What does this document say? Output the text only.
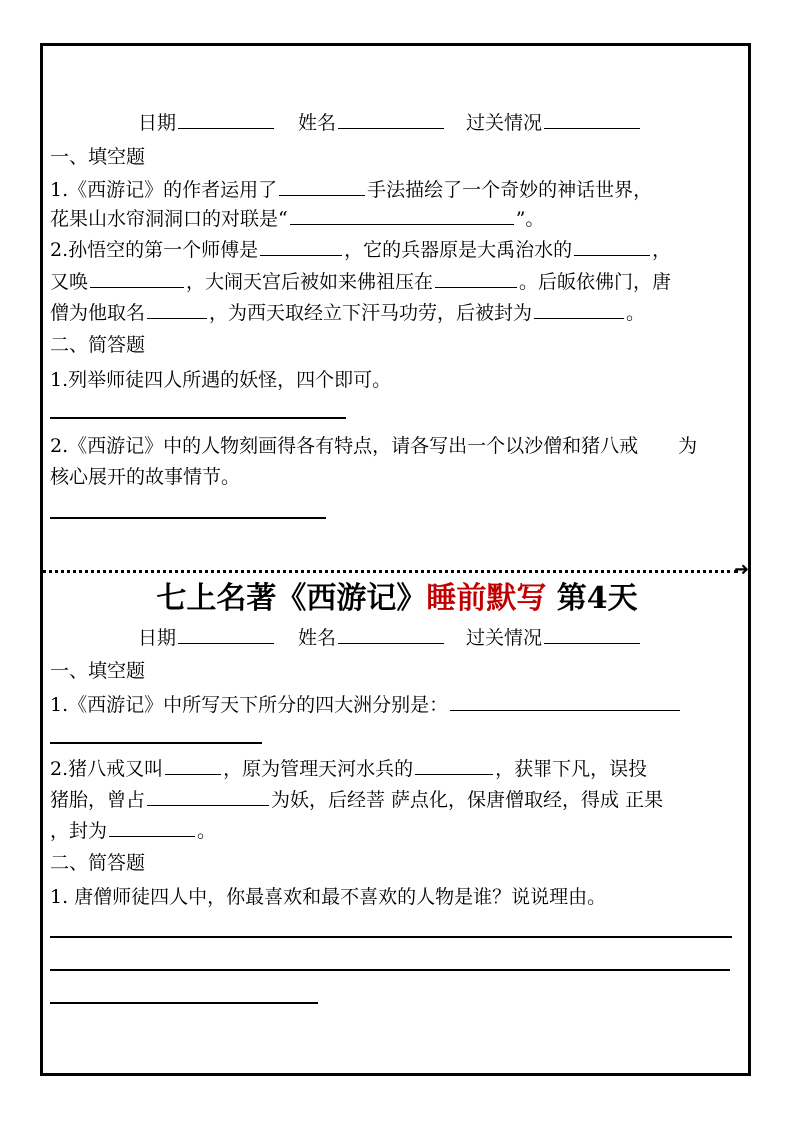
日期	姓名	过关情况
一、填空题
1.《西游记》的作者运用了	手法描绘了一个奇妙的神话世界，
花果山水帘洞洞口的对联是“	”。
2.孙悟空的第一个师傅是	，它的兵器原是大禹治水的	，
又唤	，大闹天宫后被如来佛祖压在	。后皈依佛门，唐
僧为他取名	，为西天取经立下汗马功劳，后被封为	。
二、简答题
1.列举师徒四人所遇的妖怪，四个即可。
2.《西游记》中的人物刻画得各有特点，请各写出一个以沙僧和猪八戒 为
核心展开的故事情节。
➜
七上名著《西游记》睡前默写 第4天
日期	姓名	过关情况
一、填空题
1.《西游记》中所写天下所分的四大洲分别是：
2.猪八戒又叫	，原为管理天河水兵的	，获罪下凡，误投
猪胎，曾占	为妖，后经菩 萨点化，保唐僧取经，得成 正果
，封为	。
二、简答题
1. 唐僧师徒四人中，你最喜欢和最不喜欢的人物是谁？说说理由。
